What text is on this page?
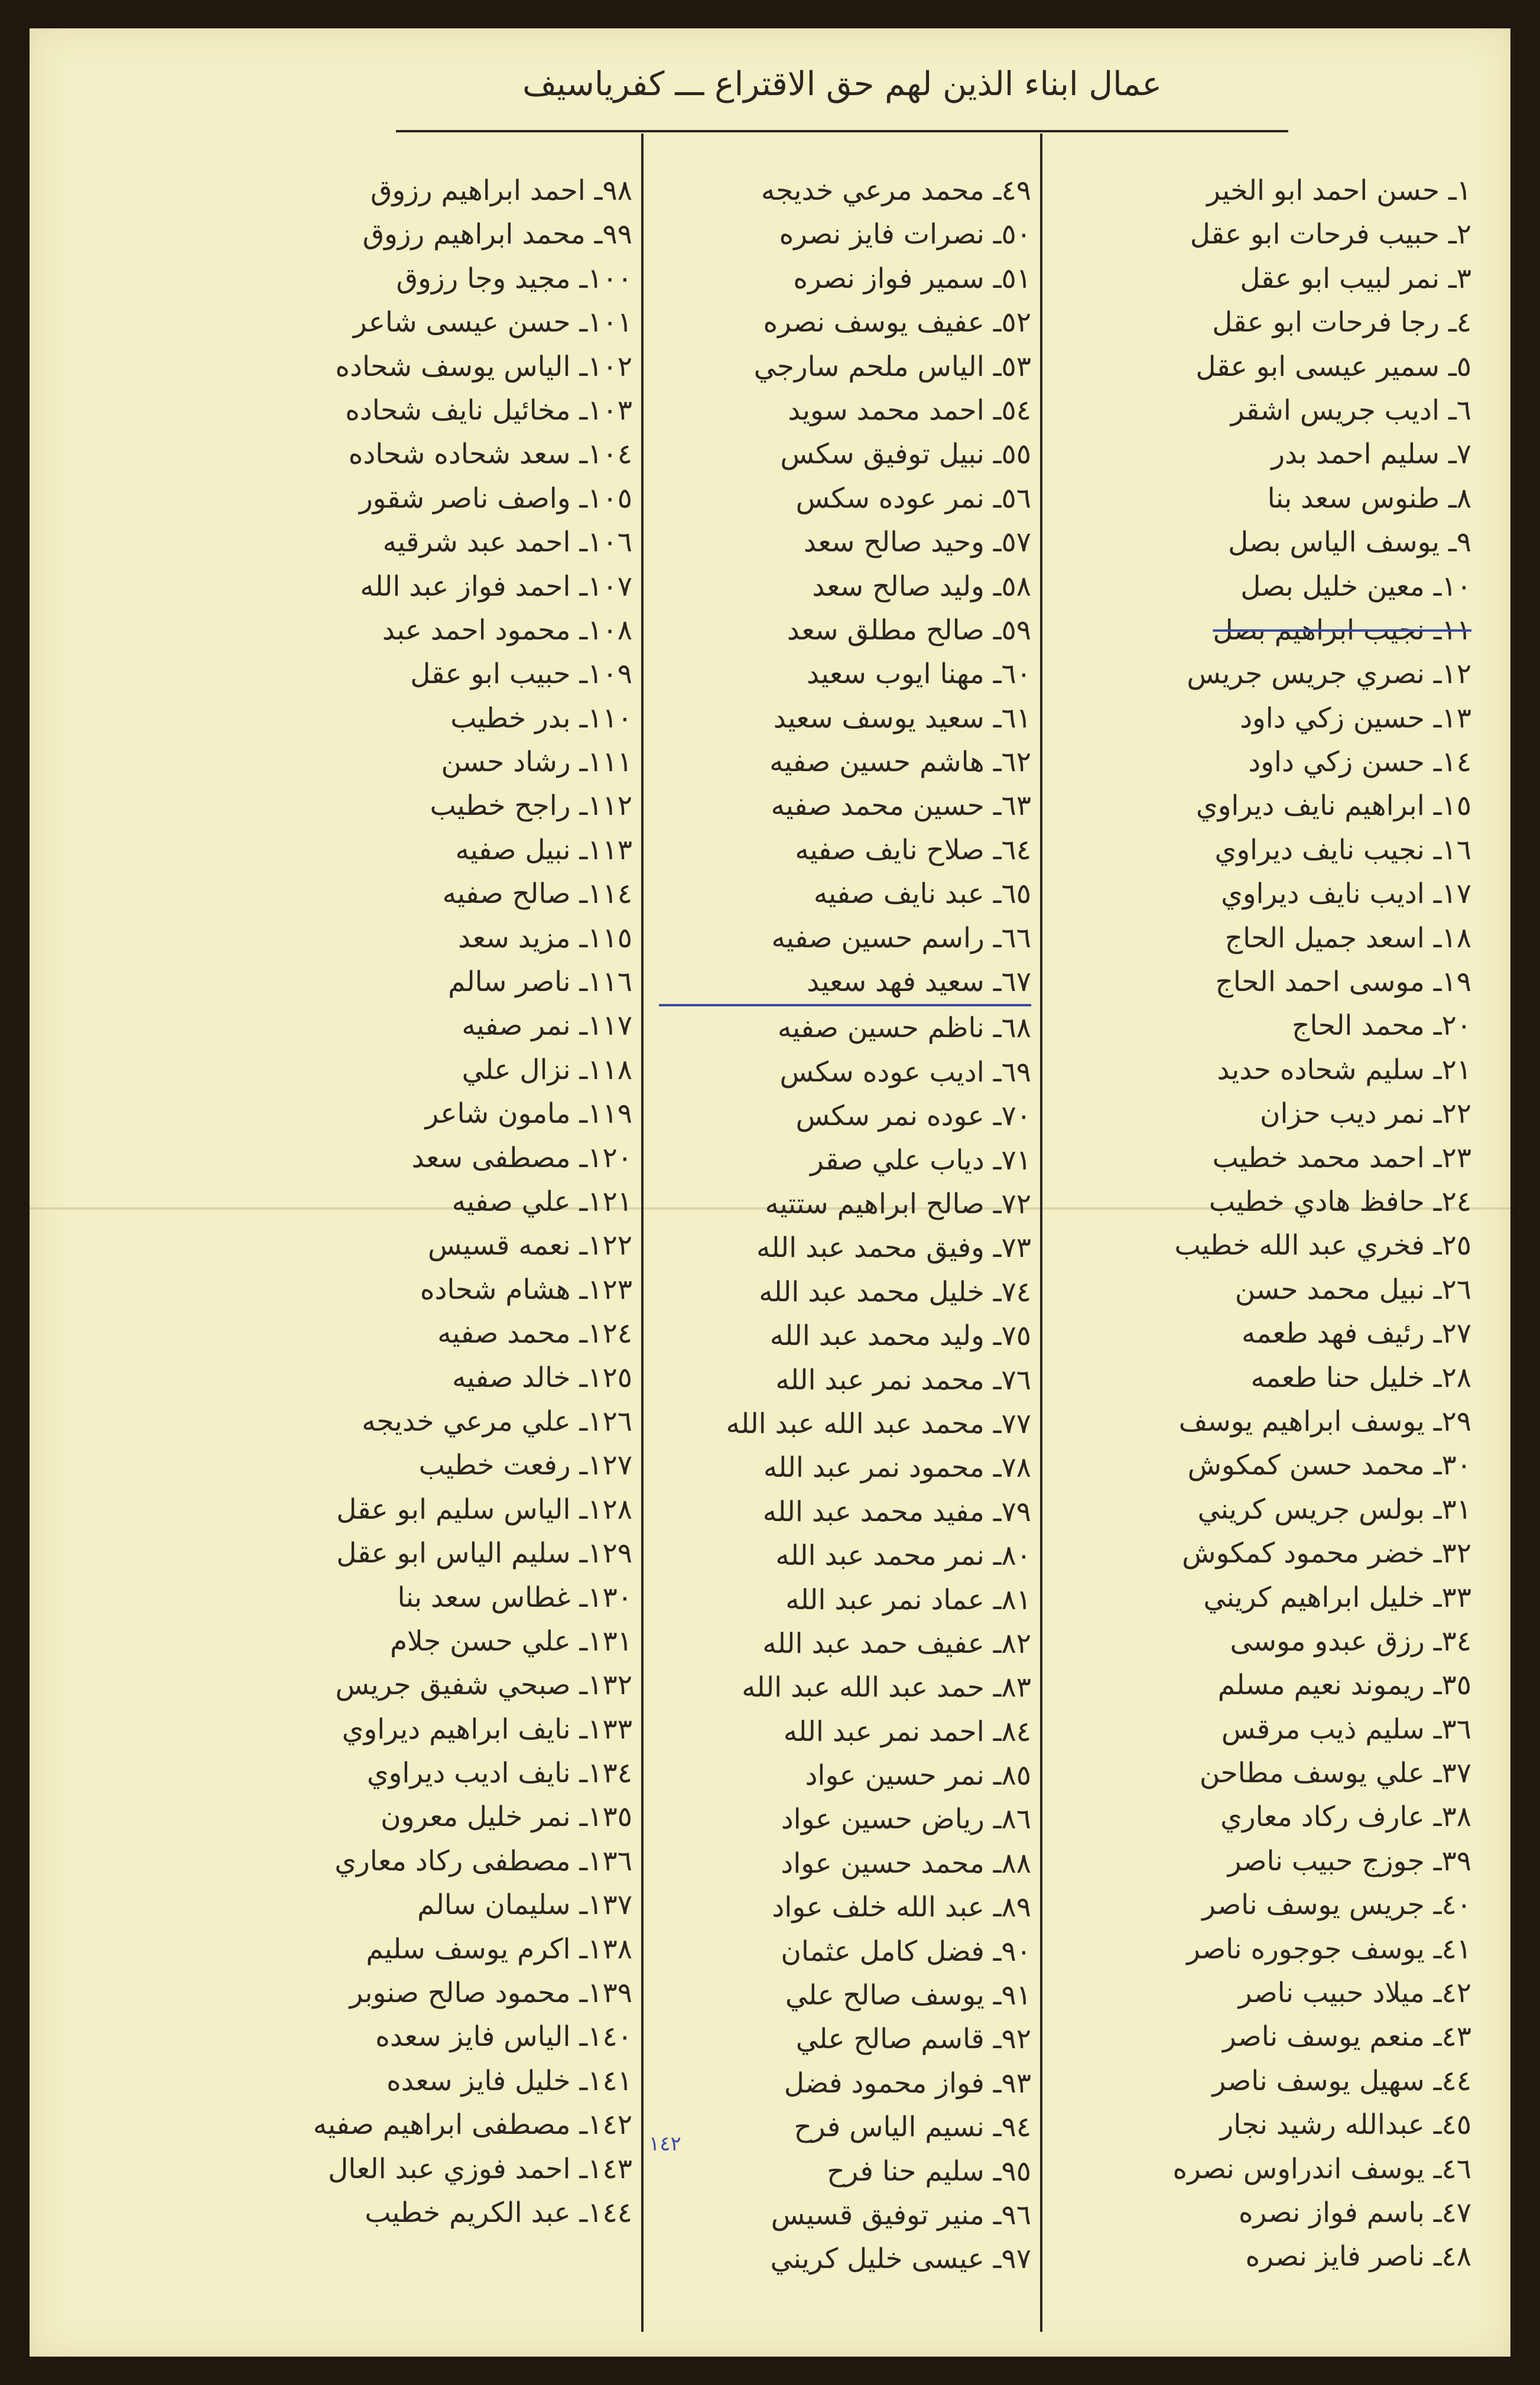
عمال ابناء الذين لهم حق الاقتراع ـــ كفرياسيف
١ـ حسن احمد ابو الخير
٢ـ حبيب فرحات ابو عقل
٣ـ نمر لبيب ابو عقل
٤ـ رجا فرحات ابو عقل
٥ـ سمير عيسى ابو عقل
٦ـ اديب جريس اشقر
٧ـ سليم احمد بدر
٨ـ طنوس سعد بنا
٩ـ يوسف الياس بصل
١٠ـ معين خليل بصل
١١ـ نجيب ابراهيم بصل
١٢ـ نصري جريس جريس
١٣ـ حسين زكي داود
١٤ـ حسن زكي داود
١٥ـ ابراهيم نايف ديراوي
١٦ـ نجيب نايف ديراوي
١٧ـ اديب نايف ديراوي
١٨ـ اسعد جميل الحاج
١٩ـ موسى احمد الحاج
٢٠ـ محمد الحاج
٢١ـ سليم شحاده حديد
٢٢ـ نمر ديب حزان
٢٣ـ احمد محمد خطيب
٢٤ـ حافظ هادي خطيب
٢٥ـ فخري عبد الله خطيب
٢٦ـ نبيل محمد حسن
٢٧ـ رئيف فهد طعمه
٢٨ـ خليل حنا طعمه
٢٩ـ يوسف ابراهيم يوسف
٣٠ـ محمد حسن كمكوش
٣١ـ بولس جريس كريني
٣٢ـ خضر محمود كمكوش
٣٣ـ خليل ابراهيم كريني
٣٤ـ رزق عبدو موسى
٣٥ـ ريموند نعيم مسلم
٣٦ـ سليم ذيب مرقس
٣٧ـ علي يوسف مطاحن
٣٨ـ عارف ركاد معاري
٣٩ـ جوزج حبيب ناصر
٤٠ـ جريس يوسف ناصر
٤١ـ يوسف جوجوره ناصر
٤٢ـ ميلاد حبيب ناصر
٤٣ـ منعم يوسف ناصر
٤٤ـ سهيل يوسف ناصر
٤٥ـ عبدالله رشيد نجار
٤٦ـ يوسف اندراوس نصره
٤٧ـ باسم فواز نصره
٤٨ـ ناصر فايز نصره
٤٩ـ محمد مرعي خديجه
٥٠ـ نصرات فايز نصره
٥١ـ سمير فواز نصره
٥٢ـ عفيف يوسف نصره
٥٣ـ الياس ملحم سارجي
٥٤ـ احمد محمد سويد
٥٥ـ نبيل توفيق سكس
٥٦ـ نمر عوده سكس
٥٧ـ وحيد صالح سعد
٥٨ـ وليد صالح سعد
٥٩ـ صالح مطلق سعد
٦٠ـ مهنا ايوب سعيد
٦١ـ سعيد يوسف سعيد
٦٢ـ هاشم حسين صفيه
٦٣ـ حسين محمد صفيه
٦٤ـ صلاح نايف صفيه
٦٥ـ عبد نايف صفيه
٦٦ـ راسم حسين صفيه
٦٧ـ سعيد فهد سعيد
٦٨ـ ناظم حسين صفيه
٦٩ـ اديب عوده سكس
٧٠ـ عوده نمر سكس
٧١ـ دياب علي صقر
٧٢ـ صالح ابراهيم ستتيه
٧٣ـ وفيق محمد عبد الله
٧٤ـ خليل محمد عبد الله
٧٥ـ وليد محمد عبد الله
٧٦ـ محمد نمر عبد الله
٧٧ـ محمد عبد الله عبد الله
٧٨ـ محمود نمر عبد الله
٧٩ـ مفيد محمد عبد الله
٨٠ـ نمر محمد عبد الله
٨١ـ عماد نمر عبد الله
٨٢ـ عفيف حمد عبد الله
٨٣ـ حمد عبد الله عبد الله
٨٤ـ احمد نمر عبد الله
٨٥ـ نمر حسين عواد
٨٦ـ رياض حسين عواد
٨٨ـ محمد حسين عواد
٨٩ـ عبد الله خلف عواد
٩٠ـ فضل كامل عثمان
٩١ـ يوسف صالح علي
٩٢ـ قاسم صالح علي
٩٣ـ فواز محمود فضل
٩٤ـ نسيم الياس فرح
٩٥ـ سليم حنا فرح
٩٦ـ منير توفيق قسيس
٩٧ـ عيسى خليل كريني
٩٨ـ احمد ابراهيم رزوق
٩٩ـ محمد ابراهيم رزوق
١٠٠ـ مجيد وجا رزوق
١٠١ـ حسن عيسى شاعر
١٠٢ـ الياس يوسف شحاده
١٠٣ـ مخائيل نايف شحاده
١٠٤ـ سعد شحاده شحاده
١٠٥ـ واصف ناصر شقور
١٠٦ـ احمد عبد شرقيه
١٠٧ـ احمد فواز عبد الله
١٠٨ـ محمود احمد عبد
١٠٩ـ حبيب ابو عقل
١١٠ـ بدر خطيب
١١١ـ رشاد حسن
١١٢ـ راجح خطيب
١١٣ـ نبيل صفيه
١١٤ـ صالح صفيه
١١٥ـ مزيد سعد
١١٦ـ ناصر سالم
١١٧ـ نمر صفيه
١١٨ـ نزال علي
١١٩ـ مامون شاعر
١٢٠ـ مصطفى سعد
١٢١ـ علي صفيه
١٢٢ـ نعمه قسيس
١٢٣ـ هشام شحاده
١٢٤ـ محمد صفيه
١٢٥ـ خالد صفيه
١٢٦ـ علي مرعي خديجه
١٢٧ـ رفعت خطيب
١٢٨ـ الياس سليم ابو عقل
١٢٩ـ سليم الياس ابو عقل
١٣٠ـ غطاس سعد بنا
١٣١ـ علي حسن جلام
١٣٢ـ صبحي شفيق جريس
١٣٣ـ نايف ابراهيم ديراوي
١٣٤ـ نايف اديب ديراوي
١٣٥ـ نمر خليل معرون
١٣٦ـ مصطفى ركاد معاري
١٣٧ـ سليمان سالم
١٣٨ـ اكرم يوسف سليم
١٣٩ـ محمود صالح صنوبر
١٤٠ـ الياس فايز سعده
١٤١ـ خليل فايز سعده
١٤٢ـ مصطفى ابراهيم صفيه
١٤٣ـ احمد فوزي عبد العال
١٤٤ـ عبد الكريم خطيب
١٤٢
